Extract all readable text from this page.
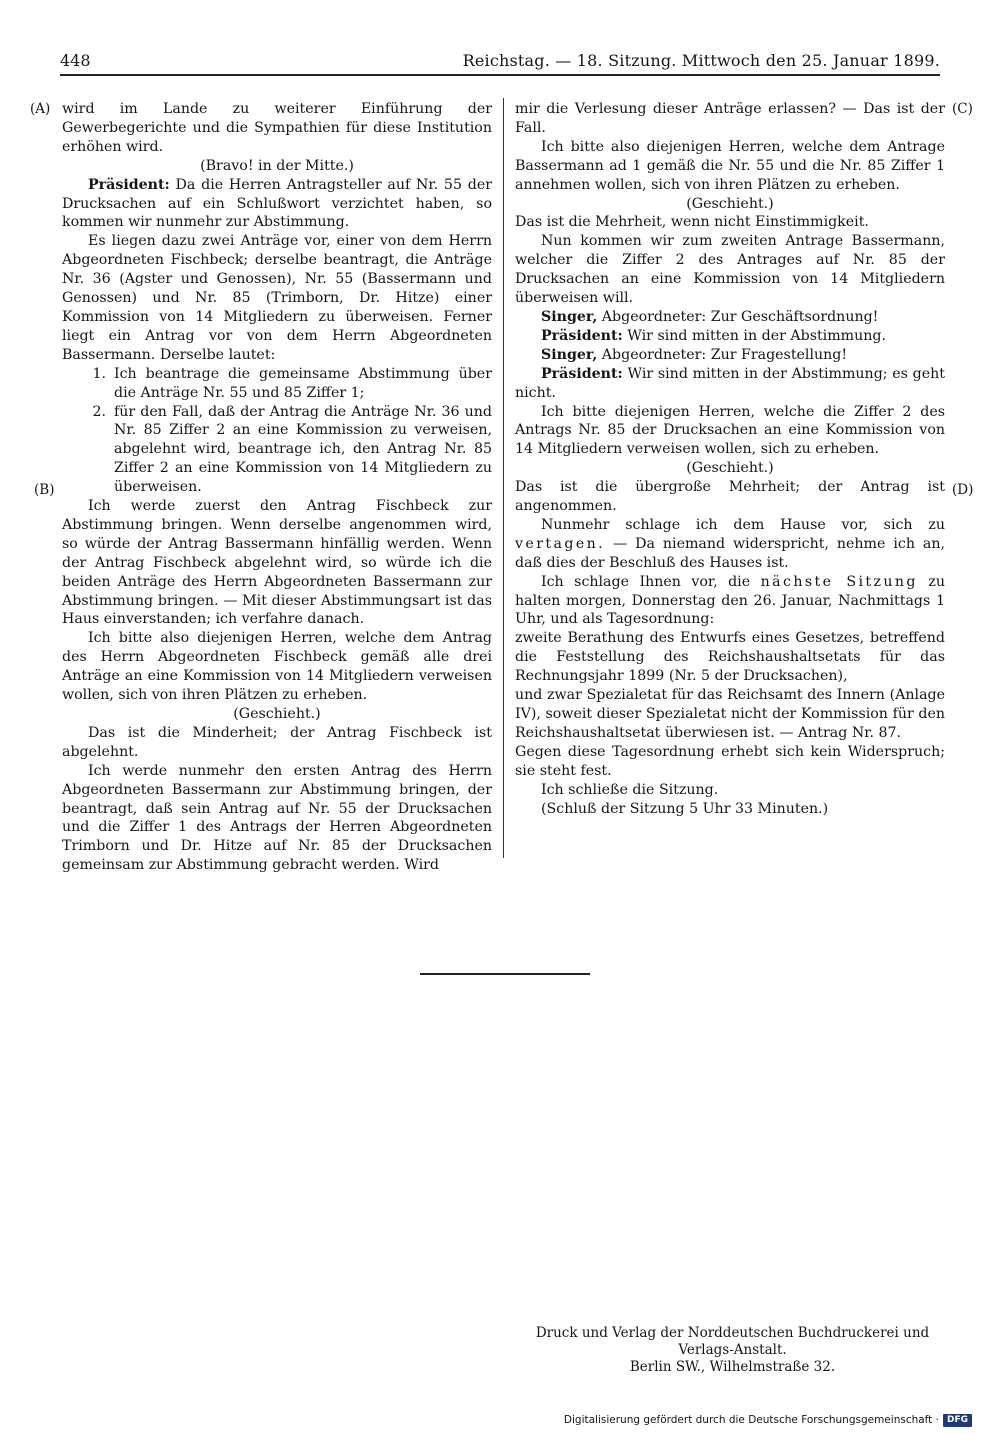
448	Reichstag. — 18. Sitzung. Mittwoch den 25. Januar 1899.
(A)
(B)
(C)
(D)

wird im Lande zu weiterer Einführung der Gewerbegerichte und die Sympathien für diese Institution erhöhen wird.

(Bravo! in der Mitte.)

Präsident: Da die Herren Antragsteller auf Nr. 55 der Drucksachen auf ein Schlußwort verzichtet haben, so kommen wir nunmehr zur Abstimmung.

Es liegen dazu zwei Anträge vor, einer von dem Herrn Abgeordneten Fischbeck; derselbe beantragt, die Anträge Nr. 36 (Agster und Genossen), Nr. 55 (Bassermann und Genossen) und Nr. 85 (Trimborn, Dr. Hitze) einer Kommission von 14 Mitgliedern zu überweisen. Ferner liegt ein Antrag vor von dem Herrn Abgeordneten Bassermann. Derselbe lautet:

1. Ich beantrage die gemeinsame Abstimmung über die Anträge Nr. 55 und 85 Ziffer 1;
2. für den Fall, daß der Antrag die Anträge Nr. 36 und Nr. 85 Ziffer 2 an eine Kommission zu verweisen, abgelehnt wird, beantrage ich, den Antrag Nr. 85 Ziffer 2 an eine Kommission von 14 Mitgliedern zu überweisen.

Ich werde zuerst den Antrag Fischbeck zur Abstimmung bringen. Wenn derselbe angenommen wird, so würde der Antrag Bassermann hinfällig werden. Wenn der Antrag Fischbeck abgelehnt wird, so würde ich die beiden Anträge des Herrn Abgeordneten Bassermann zur Abstimmung bringen. — Mit dieser Abstimmungsart ist das Haus einverstanden; ich verfahre danach.

Ich bitte also diejenigen Herren, welche dem Antrag des Herrn Abgeordneten Fischbeck gemäß alle drei Anträge an eine Kommission von 14 Mitgliedern verweisen wollen, sich von ihren Plätzen zu erheben.

(Geschieht.)

Das ist die Minderheit; der Antrag Fischbeck ist abgelehnt.

Ich werde nunmehr den ersten Antrag des Herrn Abgeordneten Bassermann zur Abstimmung bringen, der beantragt, daß sein Antrag auf Nr. 55 der Drucksachen und die Ziffer 1 des Antrags der Herren Abgeordneten Trimborn und Dr. Hitze auf Nr. 85 der Drucksachen gemeinsam zur Abstimmung gebracht werden. Wird

mir die Verlesung dieser Anträge erlassen? — Das ist der Fall.

Ich bitte also diejenigen Herren, welche dem Antrage Bassermann ad 1 gemäß die Nr. 55 und die Nr. 85 Ziffer 1 annehmen wollen, sich von ihren Plätzen zu erheben.

(Geschieht.)

Das ist die Mehrheit, wenn nicht Einstimmigkeit.

Nun kommen wir zum zweiten Antrage Bassermann, welcher die Ziffer 2 des Antrages auf Nr. 85 der Drucksachen an eine Kommission von 14 Mitgliedern überweisen will.

Singer, Abgeordneter: Zur Geschäftsordnung!

Präsident: Wir sind mitten in der Abstimmung.

Singer, Abgeordneter: Zur Fragestellung!

Präsident: Wir sind mitten in der Abstimmung; es geht nicht.

Ich bitte diejenigen Herren, welche die Ziffer 2 des Antrags Nr. 85 der Drucksachen an eine Kommission von 14 Mitgliedern verweisen wollen, sich zu erheben.

(Geschieht.)

Das ist die übergroße Mehrheit; der Antrag ist angenommen.

Nunmehr schlage ich dem Hause vor, sich zu vertagen. — Da niemand widerspricht, nehme ich an, daß dies der Beschluß des Hauses ist.

Ich schlage Ihnen vor, die nächste Sitzung zu halten morgen, Donnerstag den 26. Januar, Nachmittags 1 Uhr, und als Tagesordnung:

zweite Berathung des Entwurfs eines Gesetzes, betreffend die Feststellung des Reichshaushaltsetats für das Rechnungsjahr 1899 (Nr. 5 der Drucksachen),

und zwar Spezialetat für das Reichsamt des Innern (Anlage IV), soweit dieser Spezialetat nicht der Kommission für den Reichshaushaltsetat überwiesen ist. — Antrag Nr. 87.

Gegen diese Tagesordnung erhebt sich kein Widerspruch; sie steht fest.

Ich schließe die Sitzung.

(Schluß der Sitzung 5 Uhr 33 Minuten.)

Druck und Verlag der Norddeutschen Buchdruckerei und Verlags-Anstalt.
Berlin SW., Wilhelmstraße 32.
Digitalisierung gefördert durch die Deutsche Forschungsgemeinschaft · DFG
